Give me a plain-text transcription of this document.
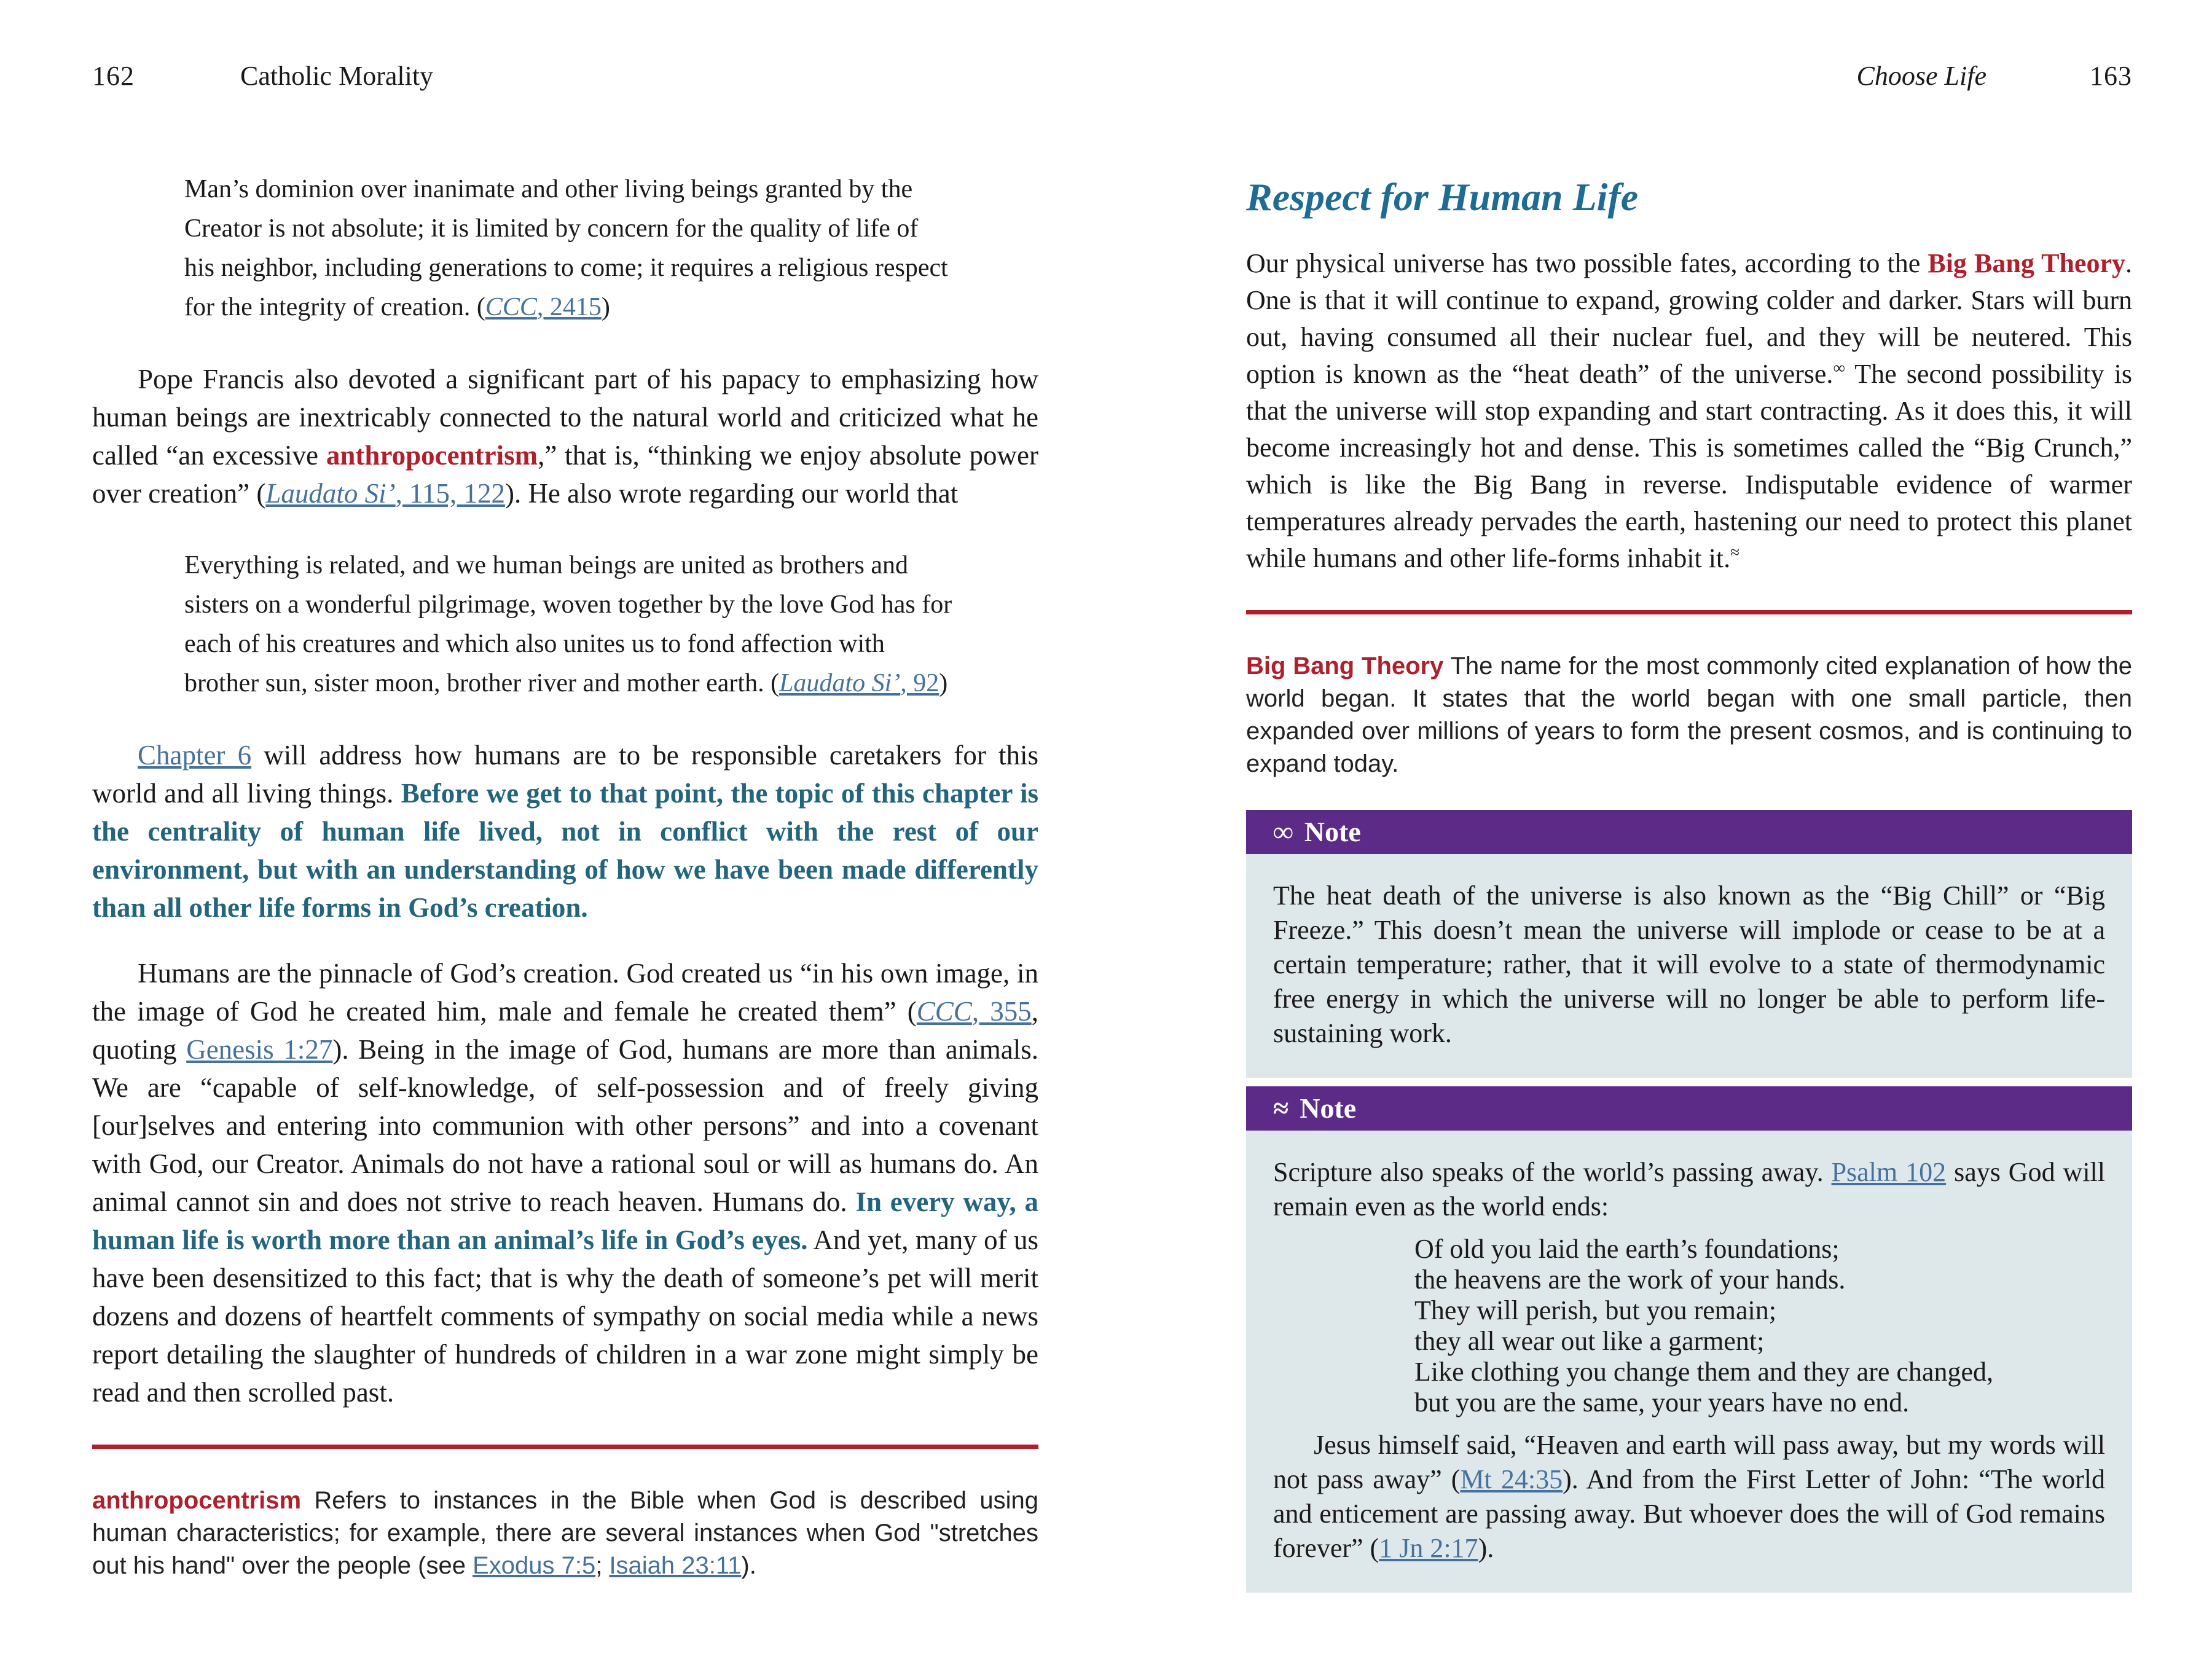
162	Catholic Morality
Man’s dominion over inanimate and other living beings granted by the Creator is not absolute; it is limited by concern for the quality of life of his neighbor, including generations to come; it requires a religious respect for the integrity of creation. (CCC, 2415)

Pope Francis also devoted a significant part of his papacy to emphasizing how human beings are inextricably connected to the natural world and criticized what he called “an excessive anthropocentrism,” that is, “thinking we enjoy absolute power over creation” (Laudato Si’, 115, 122). He also wrote regarding our world that

Everything is related, and we human beings are united as brothers and sisters on a wonderful pilgrimage, woven together by the love God has for each of his creatures and which also unites us to fond affection with brother sun, sister moon, brother river and mother earth. (Laudato Si’, 92)

Chapter 6 will address how humans are to be responsible caretakers for this world and all living things. Before we get to that point, the topic of this chapter is the centrality of human life lived, not in conflict with the rest of our environment, but with an understanding of how we have been made differently than all other life forms in God’s creation.

Humans are the pinnacle of God’s creation. God created us “in his own image, in the image of God he created him, male and female he created them” (CCC, 355, quoting Genesis 1:27). Being in the image of God, humans are more than animals. We are “capable of self-knowledge, of self-possession and of freely giving [our]selves and entering into communion with other persons” and into a covenant with God, our Creator. Animals do not have a rational soul or will as humans do. An animal cannot sin and does not strive to reach heaven. Humans do. In every way, a human life is worth more than an animal’s life in God’s eyes. And yet, many of us have been desensitized to this fact; that is why the death of someone’s pet will merit dozens and dozens of heartfelt comments of sympathy on social media while a news report detailing the slaughter of hundreds of children in a war zone might simply be read and then scrolled past.

anthropocentrism Refers to instances in the Bible when God is described using human characteristics; for example, there are several instances when God "stretches out his hand" over the people (see Exodus 7:5; Isaiah 23:11).

Choose Life	163
Respect for Human Life

Our physical universe has two possible fates, according to the Big Bang Theory. One is that it will continue to expand, growing colder and darker. Stars will burn out, having consumed all their nuclear fuel, and they will be neutered. This option is known as the “heat death” of the universe.∞ The second possibility is that the universe will stop expanding and start contracting. As it does this, it will become increasingly hot and dense. This is sometimes called the “Big Crunch,” which is like the Big Bang in reverse. Indisputable evidence of warmer temperatures already pervades the earth, hastening our need to protect this planet while humans and other life-forms inhabit it.≈

Big Bang Theory The name for the most commonly cited explanation of how the world began. It states that the world began with one small particle, then expanded over millions of years to form the present cosmos, and is continuing to expand today.

∞ Note
The heat death of the universe is also known as the “Big Chill” or “Big Freeze.” This doesn’t mean the universe will implode or cease to be at a certain temperature; rather, that it will evolve to a state of thermodynamic free energy in which the universe will no longer be able to perform life-sustaining work.
≈ Note
Scripture also speaks of the world’s passing away. Psalm 102 says God will remain even as the world ends:
Of old you laid the earth’s foundations;
the heavens are the work of your hands.
They will perish, but you remain;
they all wear out like a garment;
Like clothing you change them and they are changed,
but you are the same, your years have no end.
Jesus himself said, “Heaven and earth will pass away, but my words will not pass away” (Mt 24:35). And from the First Letter of John: “The world and enticement are passing away. But whoever does the will of God remains forever” (1 Jn 2:17).
